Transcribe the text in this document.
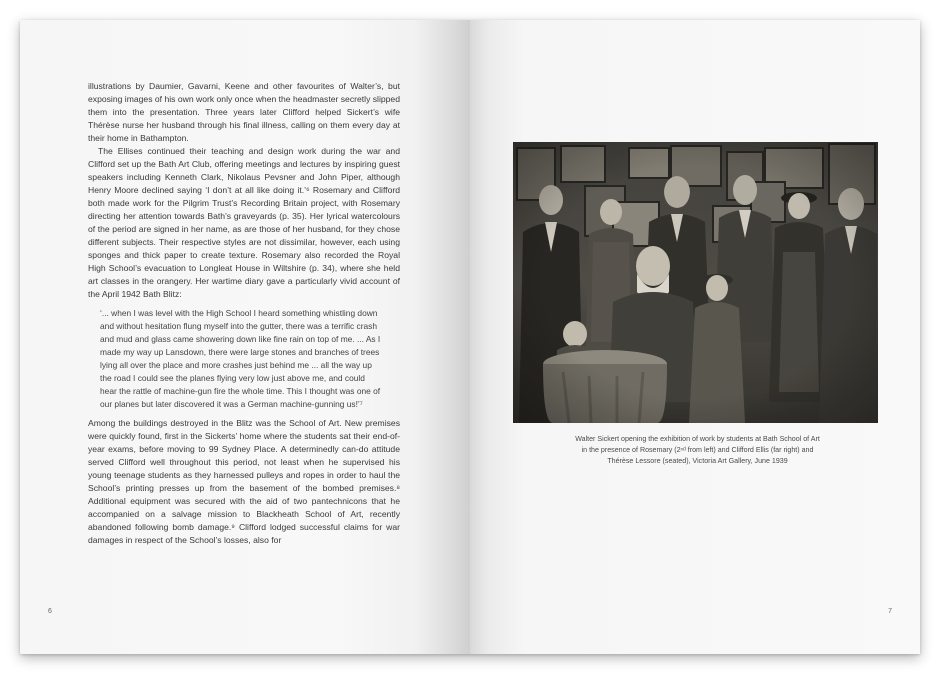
illustrations by Daumier, Gavarni, Keene and other favourites of Walter’s, but exposing images of his own work only once when the headmaster secretly slipped them into the presentation. Three years later Clifford helped Sickert’s wife Thérèse nurse her husband through his final illness, calling on them every day at their home in Bathampton.

The Ellises continued their teaching and design work during the war and Clifford set up the Bath Art Club, offering meetings and lectures by inspiring guest speakers including Kenneth Clark, Nikolaus Pevsner and John Piper, although Henry Moore declined saying ‘I don’t at all like doing it.’⁶ Rosemary and Clifford both made work for the Pilgrim Trust’s Recording Britain project, with Rosemary directing her attention towards Bath’s graveyards (p. 35). Her lyrical watercolours of the period are signed in her name, as are those of her husband, for they chose different subjects. Their respective styles are not dissimilar, however, each using sponges and thick paper to create texture. Rosemary also recorded the Royal High School’s evacuation to Longleat House in Wiltshire (p. 34), where she held art classes in the orangery. Her wartime diary gave a particularly vivid account of the April 1942 Bath Blitz:

‘... when I was level with the High School I heard something whistling down and without hesitation flung myself into the gutter, there was a terrific crash and mud and glass came showering down like fine rain on top of me. ... As I made my way up Lansdown, there were large stones and branches of trees lying all over the place and more crashes just behind me ... all the way up the road I could see the planes flying very low just above me, and could hear the rattle of machine-gun fire the whole time. This I thought was one of our planes but later discovered it was a German machine-gunning us!’⁷

Among the buildings destroyed in the Blitz was the School of Art. New premises were quickly found, first in the Sickerts’ home where the students sat their end-of-year exams, before moving to 99 Sydney Place. A determinedly can-do attitude served Clifford well throughout this period, not least when he supervised his young teenage students as they harnessed pulleys and ropes in order to haul the School’s printing presses up from the basement of the bombed premises.⁸ Additional equipment was secured with the aid of two pantechnicons that he accompanied on a salvage mission to Blackheath School of Art, recently abandoned following bomb damage.⁹ Clifford lodged successful claims for war damages in respect of the School’s losses, also for

6

Walter Sickert opening the exhibition of work by students at Bath School of Art

in the presence of Rosemary (2ⁿᵈ from left) and Clifford Ellis (far right) and

Thérèse Lessore (seated), Victoria Art Gallery, June 1939

7
